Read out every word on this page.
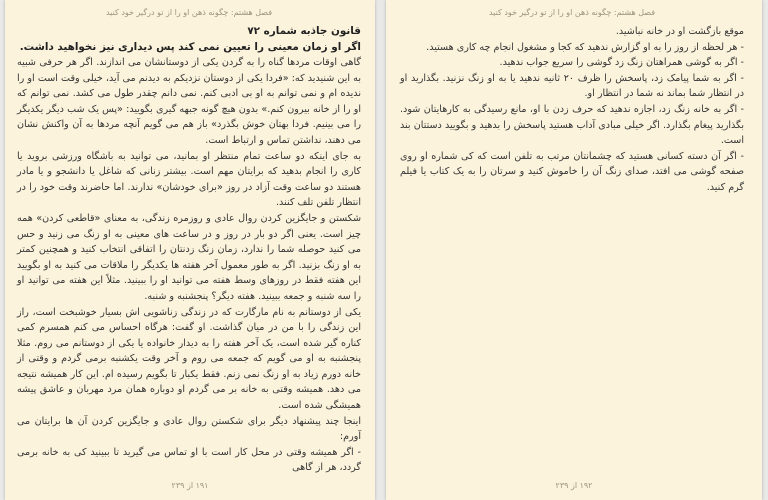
فصل هشتم: چگونه ذهن او را از تو درگیر خود کنید
قانون جاذبه شماره ۷۲
اگر او زمان معینی را تعیین نمی کند پس دیداری نیز نخواهید داشت.

گاهی اوقات مردها گناه را به گردن یکی از دوستانشان می اندازند. اگر هر حرفی شبیه به این شنیدید که: «فردا یکی از دوستان نزدیکم به دیدنم می آید، خیلی وقت است او را ندیده ام و نمی توانم به او بی ادبی کنم. نمی دانم چقدر طول می کشد. نمی توانم که او را از خانه بیرون کنم.» بدون هیچ گونه جبهه گیری بگویید: «پس یک شب دیگر یکدیگر را می بینیم. فردا بهتان خوش بگذرد» باز هم می گویم آنچه مردها به آن واکنش نشان می دهند، نداشتن تماس و ارتباط است.

به جای اینکه دو ساعت تمام منتظر او بمانید، می توانید به باشگاه ورزشی بروید یا کاری را انجام بدهید که برایتان مهم است. بیشتر زنانی که شاغل یا دانشجو و یا مادر هستند دو ساعت وقت آزاد در روز «برای خودشان» ندارند. اما حاضرند وقت خود را در انتظار تلفن تلف کنند.

شکستن و جایگزین کردن روال عادی و روزمره زندگی، به معنای «قاطعی کردن» همه چیز است. یعنی اگر دو بار در روز و در ساعت های معینی به او زنگ می زنید و حس می کنید حوصله شما را ندارد، زمان زنگ زدنتان را اتفاقی انتخاب کنید و همچنین کمتر به او زنگ بزنید. اگر به طور معمول آخر هفته ها یکدیگر را ملاقات می کنید به او بگویید این هفته فقط در روزهای وسط هفته می توانید او را ببینید. مثلاً این هفته می توانید او را سه شنبه و جمعه ببینید. هفته دیگر؟ پنجشنبه و شنبه.

یکی از دوستانم به نام مارگارت که در زندگی زناشویی اش بسیار خوشبخت است، راز این زندگی را با من در میان گذاشت. او گفت: هرگاه احساس می کنم همسرم کمی کناره گیر شده است، یک آخر هفته را به دیدار خانواده یا یکی از دوستانم می روم. مثلا پنجشنبه به او می گویم که جمعه می روم و آخر وقت یکشنبه برمی گردم و وقتی از خانه دورم زیاد به او زنگ نمی زنم. فقط یکبار تا بگویم رسیده ام. این کار همیشه نتیجه می دهد. همیشه وقتی به خانه بر می گردم او دوباره همان مرد مهربان و عاشق پیشه همیشگی شده است.

اینجا چند پیشنهاد دیگر برای شکستن روال عادی و جایگزین کردن آن ها برایتان می آورم:

- اگر همیشه وقتی در محل کار است با او تماس می گیرید تا ببینید کی به خانه برمی گردد، هر از گاهی

۱۹۱ از ۲۳۹
فصل هشتم: چگونه ذهن او را از تو درگیر خود کنید

موقع بازگشت او در خانه نباشید.

- هر لحظه از روز را به او گزارش ندهید که کجا و مشغول انجام چه کاری هستید.

- اگر به گوشی همراهتان زنگ زد گوشی را سریع جواب ندهید.

- اگر به شما پیامک زد، پاسخش را ظرف ۲۰ ثانیه ندهید یا به او زنگ نزنید. بگذارید او در انتظار شما بماند نه شما در انتظار او.

- اگر به خانه زنگ زد، اجازه ندهید که حرف زدن با او، مانع رسیدگی به کارهایتان شود. بگذارید پیغام بگذارد. اگر خیلی مبادی آداب هستید پاسخش را بدهید و بگویید دستتان بند است.

- اگر آن دسته کسانی هستید که چشمانتان مرتب به تلفن است که کی شماره او روی صفحه گوشی می افتد، صدای زنگ آن را خاموش کنید و سرتان را به یک کتاب یا فیلم گرم کنید.

۱۹۲ از ۲۳۹
